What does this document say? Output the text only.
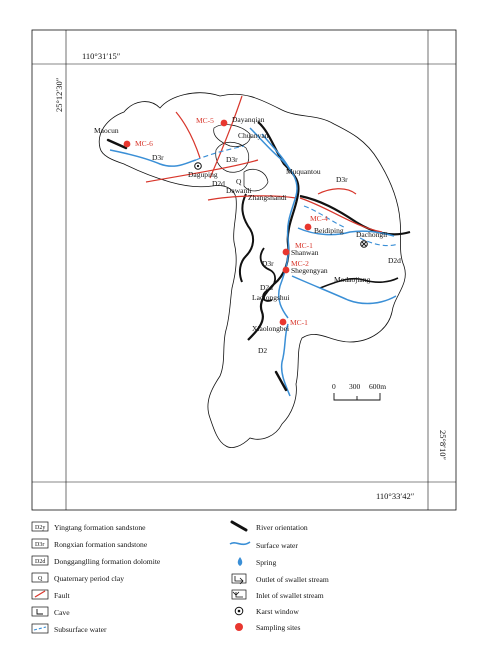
110°31′15″
110°33′42″
25°12′30″
25°8′10″
Maocun
Dayanqian
Chuanyan
Daguping
Dawanli
Zhangshandi
Muquantou
Beidiping Dachongli
Shanwan
Shegengyan
Modaojiang
Laolongshui
Xiaolongbei
D3r	D3r
D3r
D2d
D2d
Q
D3r
D2d
D2
MC-6
MC-5
MC-4
MC-1
MC-2
MC-1
0 300 600m
D2y Yingtang formation sandstone
D3r Rongxian formation sandstone
D2d Dongganglling formation dolomite
Q Quaternary period clay
Fault
Cave
Subsurface water
River orientation
Surface water
Spring
Outlet of swallet stream
Inlet of swallet stream
Karst window
Sampling sites
